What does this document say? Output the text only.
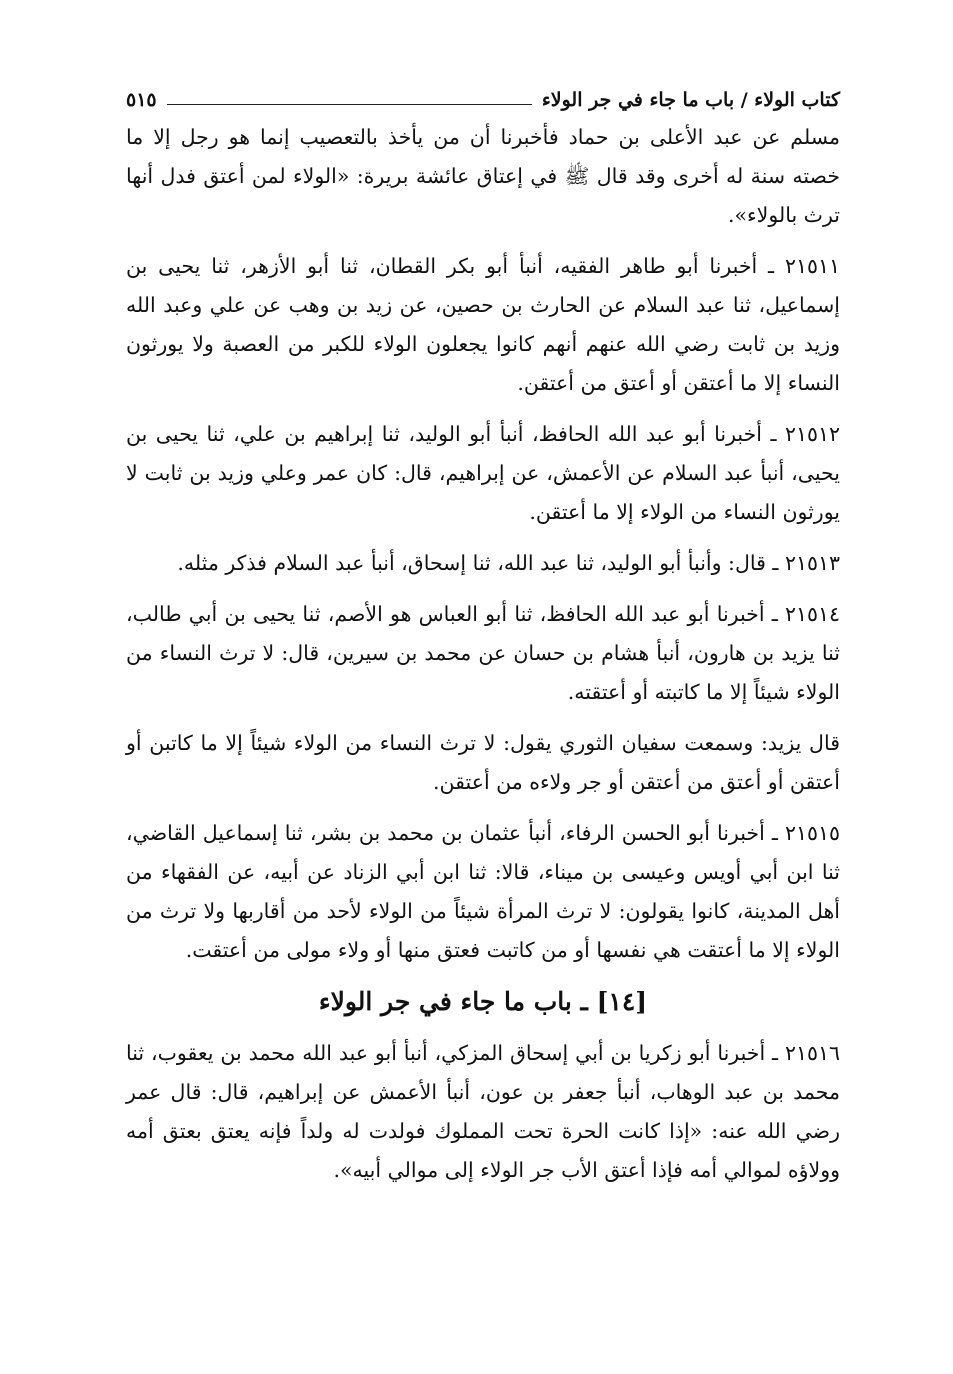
كتاب الولاء / باب ما جاء في جر الولاء
٥١٥

مسلم عن عبد الأعلى بن حماد فأخبرنا أن من يأخذ بالتعصيب إنما هو رجل إلا ما خصته سنة له أخرى وقد قال ﷺ في إعتاق عائشة بريرة: «الولاء لمن أعتق فدل أنها ترث بالولاء».

٢١٥١١ ـ أخبرنا أبو طاهر الفقيه، أنبأ أبو بكر القطان، ثنا أبو الأزهر، ثنا يحيى بن إسماعيل، ثنا عبد السلام عن الحارث بن حصين، عن زيد بن وهب عن علي وعبد الله وزيد بن ثابت رضي الله عنهم أنهم كانوا يجعلون الولاء للكبر من العصبة ولا يورثون النساء إلا ما أعتقن أو أعتق من أعتقن.

٢١٥١٢ ـ أخبرنا أبو عبد الله الحافظ، أنبأ أبو الوليد، ثنا إبراهيم بن علي، ثنا يحيى بن يحيى، أنبأ عبد السلام عن الأعمش، عن إبراهيم، قال: كان عمر وعلي وزيد بن ثابت لا يورثون النساء من الولاء إلا ما أعتقن.

٢١٥١٣ ـ قال: وأنبأ أبو الوليد، ثنا عبد الله، ثنا إسحاق، أنبأ عبد السلام فذكر مثله.

٢١٥١٤ ـ أخبرنا أبو عبد الله الحافظ، ثنا أبو العباس هو الأصم، ثنا يحيى بن أبي طالب، ثنا يزيد بن هارون، أنبأ هشام بن حسان عن محمد بن سيرين، قال: لا ترث النساء من الولاء شيئاً إلا ما كاتبته أو أعتقته.

قال يزيد: وسمعت سفيان الثوري يقول: لا ترث النساء من الولاء شيئاً إلا ما كاتبن أو أعتقن أو أعتق من أعتقن أو جر ولاءه من أعتقن.

٢١٥١٥ ـ أخبرنا أبو الحسن الرفاء، أنبأ عثمان بن محمد بن بشر، ثنا إسماعيل القاضي، ثنا ابن أبي أويس وعيسى بن ميناء، قالا: ثنا ابن أبي الزناد عن أبيه، عن الفقهاء من أهل المدينة، كانوا يقولون: لا ترث المرأة شيئاً من الولاء لأحد من أقاربها ولا ترث من الولاء إلا ما أعتقت هي نفسها أو من كاتبت فعتق منها أو ولاء مولى من أعتقت.

[١٤] ـ باب ما جاء في جر الولاء

٢١٥١٦ ـ أخبرنا أبو زكريا بن أبي إسحاق المزكي، أنبأ أبو عبد الله محمد بن يعقوب، ثنا محمد بن عبد الوهاب، أنبأ جعفر بن عون، أنبأ الأعمش عن إبراهيم، قال: قال عمر رضي الله عنه: «إذا كانت الحرة تحت المملوك فولدت له ولداً فإنه يعتق بعتق أمه وولاؤه لموالي أمه فإذا أعتق الأب جر الولاء إلى موالي أبيه».
